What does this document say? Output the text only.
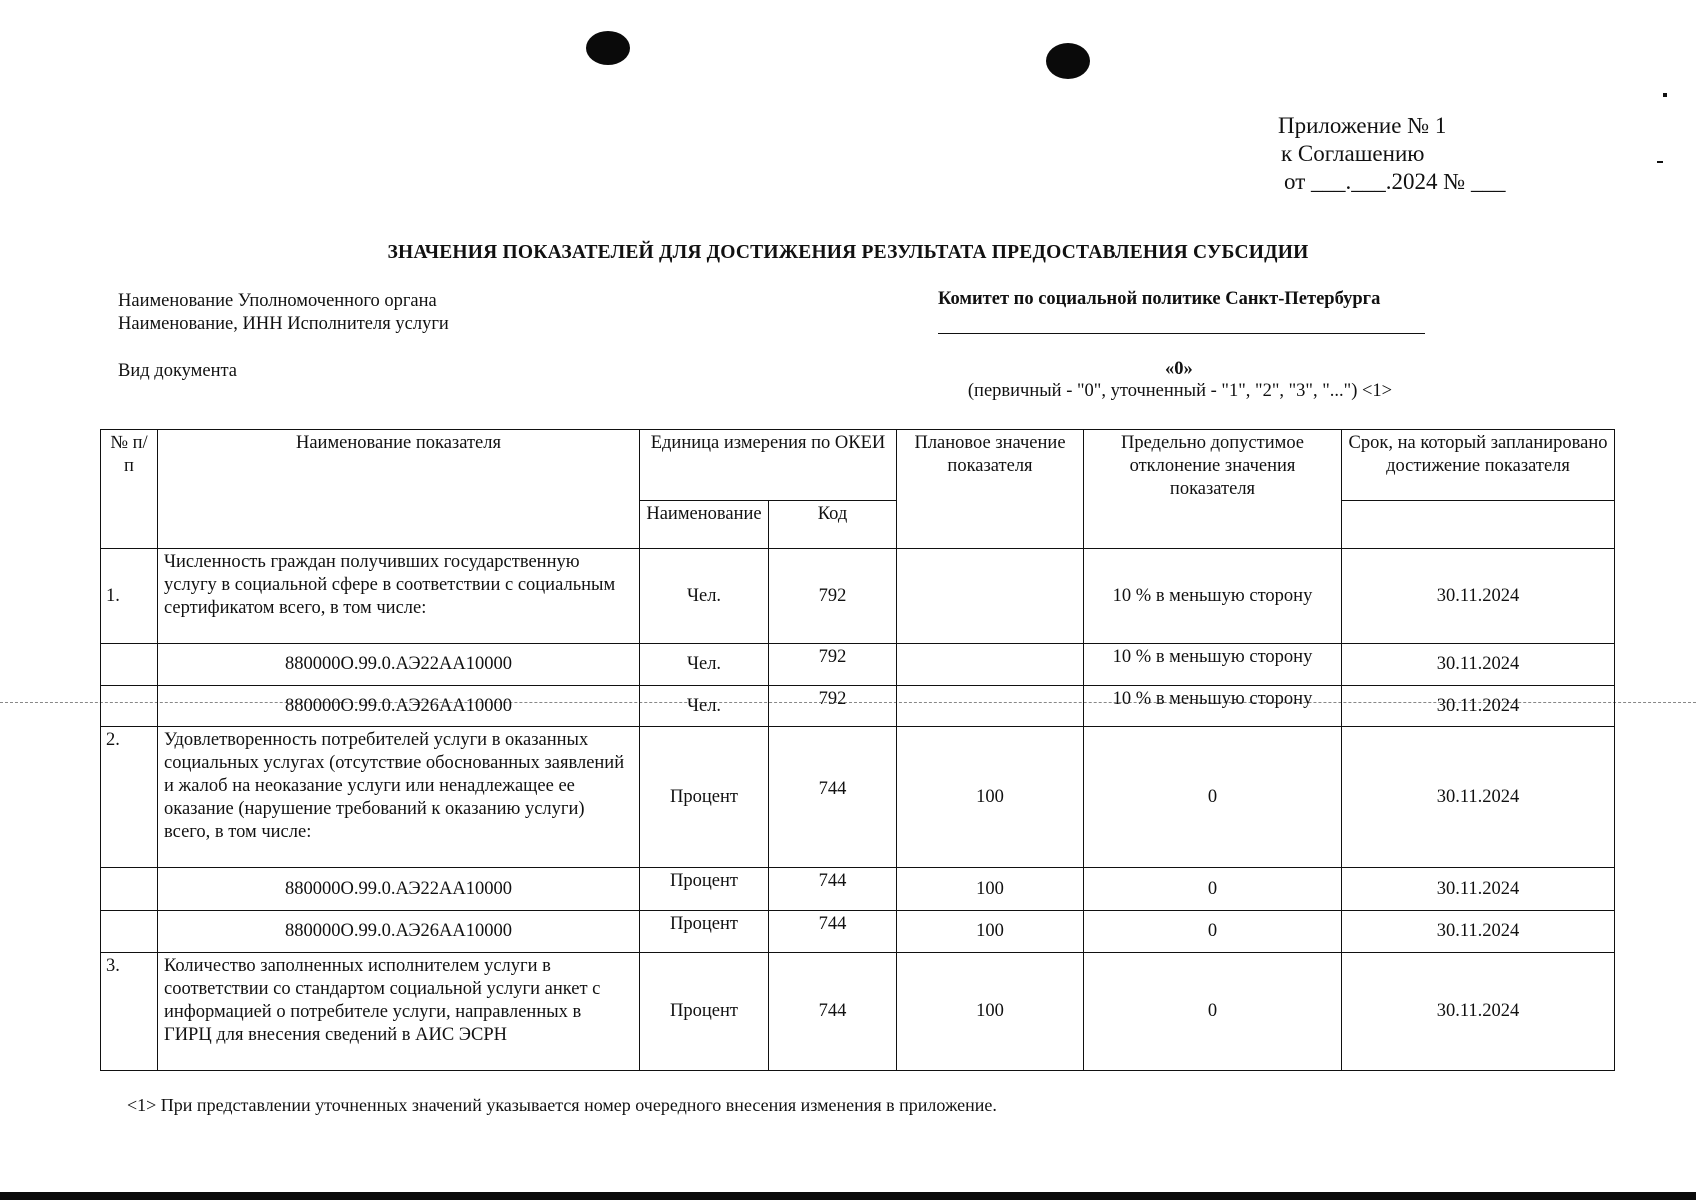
Приложение № 1
к Соглашению
от ___.___.2024 № ___
ЗНАЧЕНИЯ ПОКАЗАТЕЛЕЙ ДЛЯ ДОСТИЖЕНИЯ РЕЗУЛЬТАТА ПРЕДОСТАВЛЕНИЯ СУБСИДИИ
Наименование Уполномоченного органа
Наименование, ИНН Исполнителя услуги
Комитет по социальной политике Санкт-Петербурга
Вид документа	«0»
(первичный - "0", уточненный - "1", "2", "3", "...") <1>
№ п/п	Наименование показателя	Единица измерения по ОКЕИ		Плановое значение показателя	Предельно допустимое отклонение значения показателя	Срок, на который запланировано достижение показателя
		Наименование	Код			
1.	Численность граждан получивших государственную услугу в социальной сфере в соответствии с социальным сертификатом всего, в том числе:	Чел.	792		10 % в меньшую сторону	30.11.2024
	880000О.99.0.АЭ22АА10000	Чел.	792		10 % в меньшую сторону	30.11.2024
	880000О.99.0.АЭ26АА10000	Чел.	792		10 % в меньшую сторону	30.11.2024
2.	Удовлетворенность потребителей услуги в оказанных социальных услугах (отсутствие обоснованных заявлений и жалоб на неоказание услуги или ненадлежащее ее оказание (нарушение требований к оказанию услуги) всего, в том числе:	Процент	744	100	0	30.11.2024
	880000О.99.0.АЭ22АА10000	Процент	744	100	0	30.11.2024
	880000О.99.0.АЭ26АА10000	Процент	744	100	0	30.11.2024
3.	Количество заполненных исполнителем услуги в соответствии со стандартом социальной услуги анкет с информацией о потребителе услуги, направленных в ГИРЦ для внесения сведений в АИС ЭСРН	Процент	744	100	0	30.11.2024
<1> При представлении уточненных значений указывается номер очередного внесения изменения в приложение.
